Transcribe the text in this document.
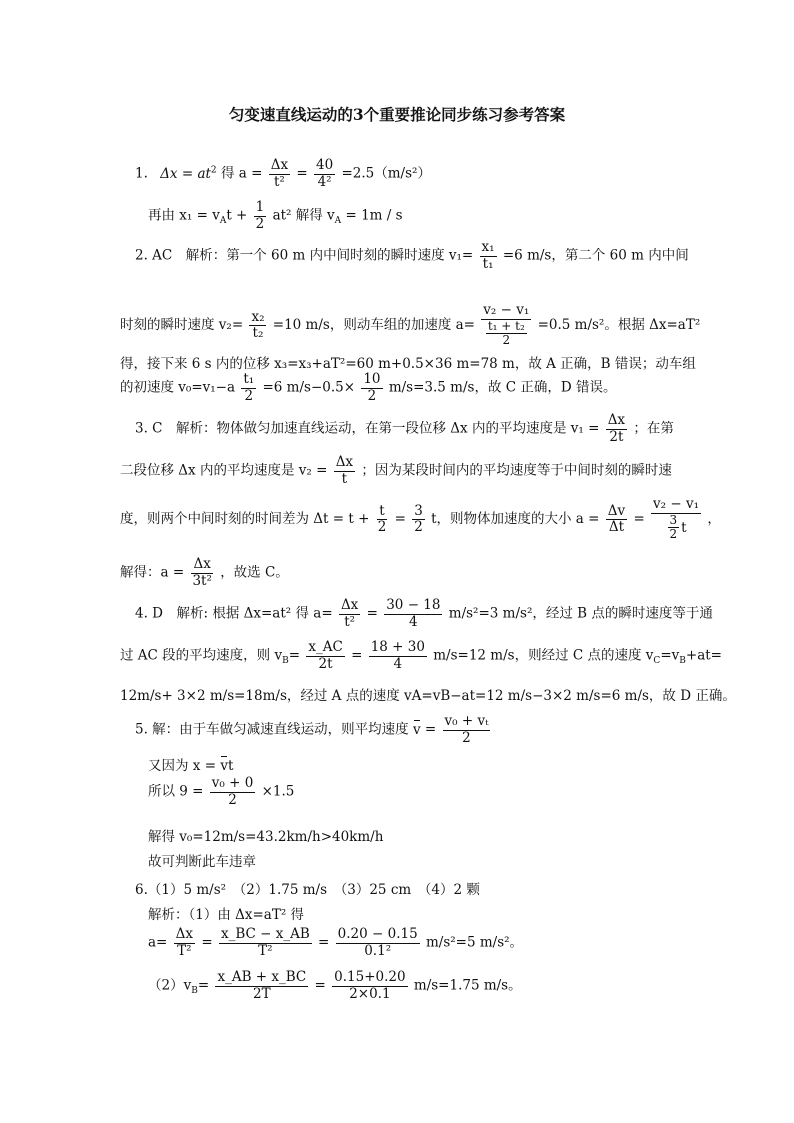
匀变速直线运动的3个重要推论同步练习参考答案
1. $\Delta x = at^2$ 得 $a = \frac{\Delta x}{\text{t²}} = \frac{40}{\text{4²}} =2.5(m/s^2)$
再由 $x_1 = v_At + \frac{1}{2} at^2$ 解得 $v_A = 1m / s$
2. AC　解析：第一个 60 m 内中间时刻的瞬时速度 $v_1= \frac{\text{x₁}}{\text{t₁}} =6$ m/s，第二个 60 m 内中间
时刻的瞬时速度 $v_2= \frac{\text{x₂}}{\text{t₂}} =10$ m/s，则动车组的加速度 $a= \frac{\text{v₂ − v₁}}{\frac{\text{t₁ + t₂}}{2}} =0.5$ m/s²。根据 Δx=aT²
得，接下来 6 s 内的位移 x₃=x₃+aT²=60 m+0.5×36 m=78 m，故 A 正确，B 错误；动车组
的初速度 $v_0=v_1-a \frac{\text{t₁}}{2} =6$ $m/s-0.5\times \frac{10}{2} m/s=3.5$ m/s，故 C 正确，D 错误。
3. C　解析：物体做匀加速直线运动，在第一段位移 Δx 内的平均速度是 $v_1 = \frac{\Delta x}{2t}$ ；在第
二段位移 Δx 内的平均速度是 $v_2 = \frac{\Delta x}{t}$ ；因为某段时间内的平均速度等于中间时刻的瞬时速
度，则两个中间时刻的时间差为 $\Delta t = t + \frac{t}{2} = \frac{3}{2}$ t，则物体加速度的大小 $a = \frac{\Delta v}{\Delta t} = \frac{\text{v₂ − v₁}}{\frac{3}{2} t}$ ，
解得：$a = \frac{\Delta x}{\text{3t²}}$ ，故选 C。
4. D　解析: 根据 Δx=at² 得 $a= \frac{\Delta x}{\text{t²}} = \frac{30 - 18}{4} m/s^2=3$ m/s²，经过 B 点的瞬时速度等于通
过 AC 段的平均速度，则 $v_B= \frac{x\_AC}{2t} = \frac{18 + 30}{4} m/s=12$ m/s，则经过 C 点的速度 $v_C=v_B+at=$
12m/s+ 3×2 m/s=18m/s，经过 A 点的速度 vA=vB−at=12 m/s−3×2 m/s=6 m/s，故 D 正确。
5. 解：由于车做匀减速直线运动，则平均速度 $v = \frac{\text{v₀ + vₜ}}{2}$
又因为 x = vt
所以 $9 = \frac{\text{v₀ + 0}}{2} \times 1.5$
解得 v₀=12m/s=43.2km/h>40km/h
故可判断此车违章
6.（1）5 m/s²　（2）1.75 m/s　（3）25 cm　（4）2 颗
解析：（1）由 Δx=aT² 得
$a= \frac{\Delta x}{\text{T²}} = \frac{x\_BC - x\_AB}{\text{T²}} = \frac{0.20 - 0.15}{\text{0.1²}} m/s^2=5$ m/s²。
$(2)v_B= \frac{x\_AB + x\_BC}{2T} = \frac{0.15+0.20}{2\times 0.1} m/s=1.75$ m/s。
